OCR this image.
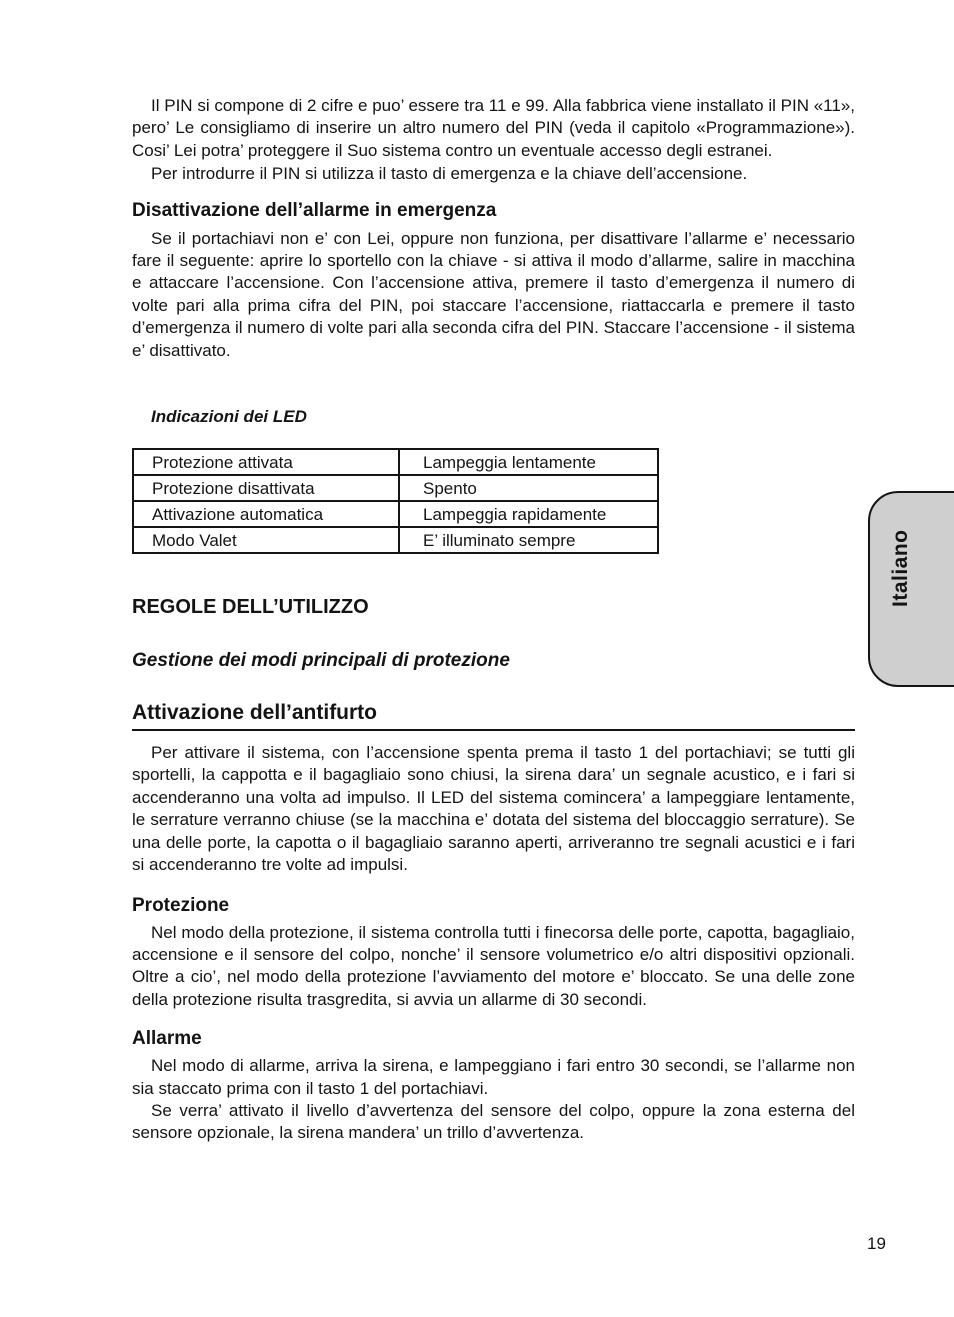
Il PIN si compone di 2 cifre e puo’ essere tra 11 e 99. Alla fabbrica viene installato il PIN «11», pero’ Le consigliamo di inserire un altro numero del PIN (veda il capitolo «Programmazione»). Cosi’ Lei potra’ proteggere il Suo sistema contro un eventuale accesso degli estranei.

Per introdurre il PIN si utilizza il tasto di emergenza e la chiave dell’accensione.

Disattivazione dell’allarme in emergenza

Se il portachiavi non e’ con Lei, oppure non funziona, per disattivare l’allarme e’ necessario fare il seguente: aprire lo sportello con la chiave - si attiva il modo d’allarme, salire in macchina e attaccare l’accensione. Con l’accensione attiva, premere il tasto d’emergenza il numero di volte pari alla prima cifra del PIN, poi staccare l’accensione, riattaccarla e premere il tasto d’emergenza il numero di volte pari alla seconda cifra del PIN. Staccare l’accensione - il sistema e’ disattivato.

Indicazioni dei LED
Protezione attivata	Lampeggia lentamente
Protezione disattivata	Spento
Attivazione automatica	Lampeggia rapidamente
Modo Valet	E’ illuminato sempre
REGOLE DELL’UTILIZZO
Gestione dei modi principali di protezione
Attivazione dell’antifurto

Per attivare il sistema, con l’accensione spenta prema il tasto 1 del portachiavi; se tutti gli sportelli, la cappotta e il bagagliaio sono chiusi, la sirena dara’ un segnale acustico, e i fari si accenderanno una volta ad impulso. Il LED del sistema comincera’ a lampeggiare lentamente, le serrature verranno chiuse (se la macchina e’ dotata del sistema del bloccaggio serrature). Se una delle porte, la capotta o il bagagliaio saranno aperti, arriveranno tre segnali acustici e i fari si accenderanno tre volte ad impulsi.

Protezione

Nel modo della protezione, il sistema controlla tutti i finecorsa delle porte, capotta, bagagliaio, accensione e il sensore del colpo, nonche’ il sensore volumetrico e/o altri dispositivi opzionali. Oltre a cio’, nel modo della protezione l’avviamento del motore e’ bloccato. Se una delle zone della protezione risulta trasgredita, si avvia un allarme di 30 secondi.

Allarme

Nel modo di allarme, arriva la sirena, e lampeggiano i fari entro 30 secondi, se l’allarme non sia staccato prima con il tasto 1 del portachiavi.

Se verra’ attivato il livello d’avvertenza del sensore del colpo, oppure la zona esterna del sensore opzionale, la sirena mandera’ un trillo d’avvertenza.

Italiano
19
